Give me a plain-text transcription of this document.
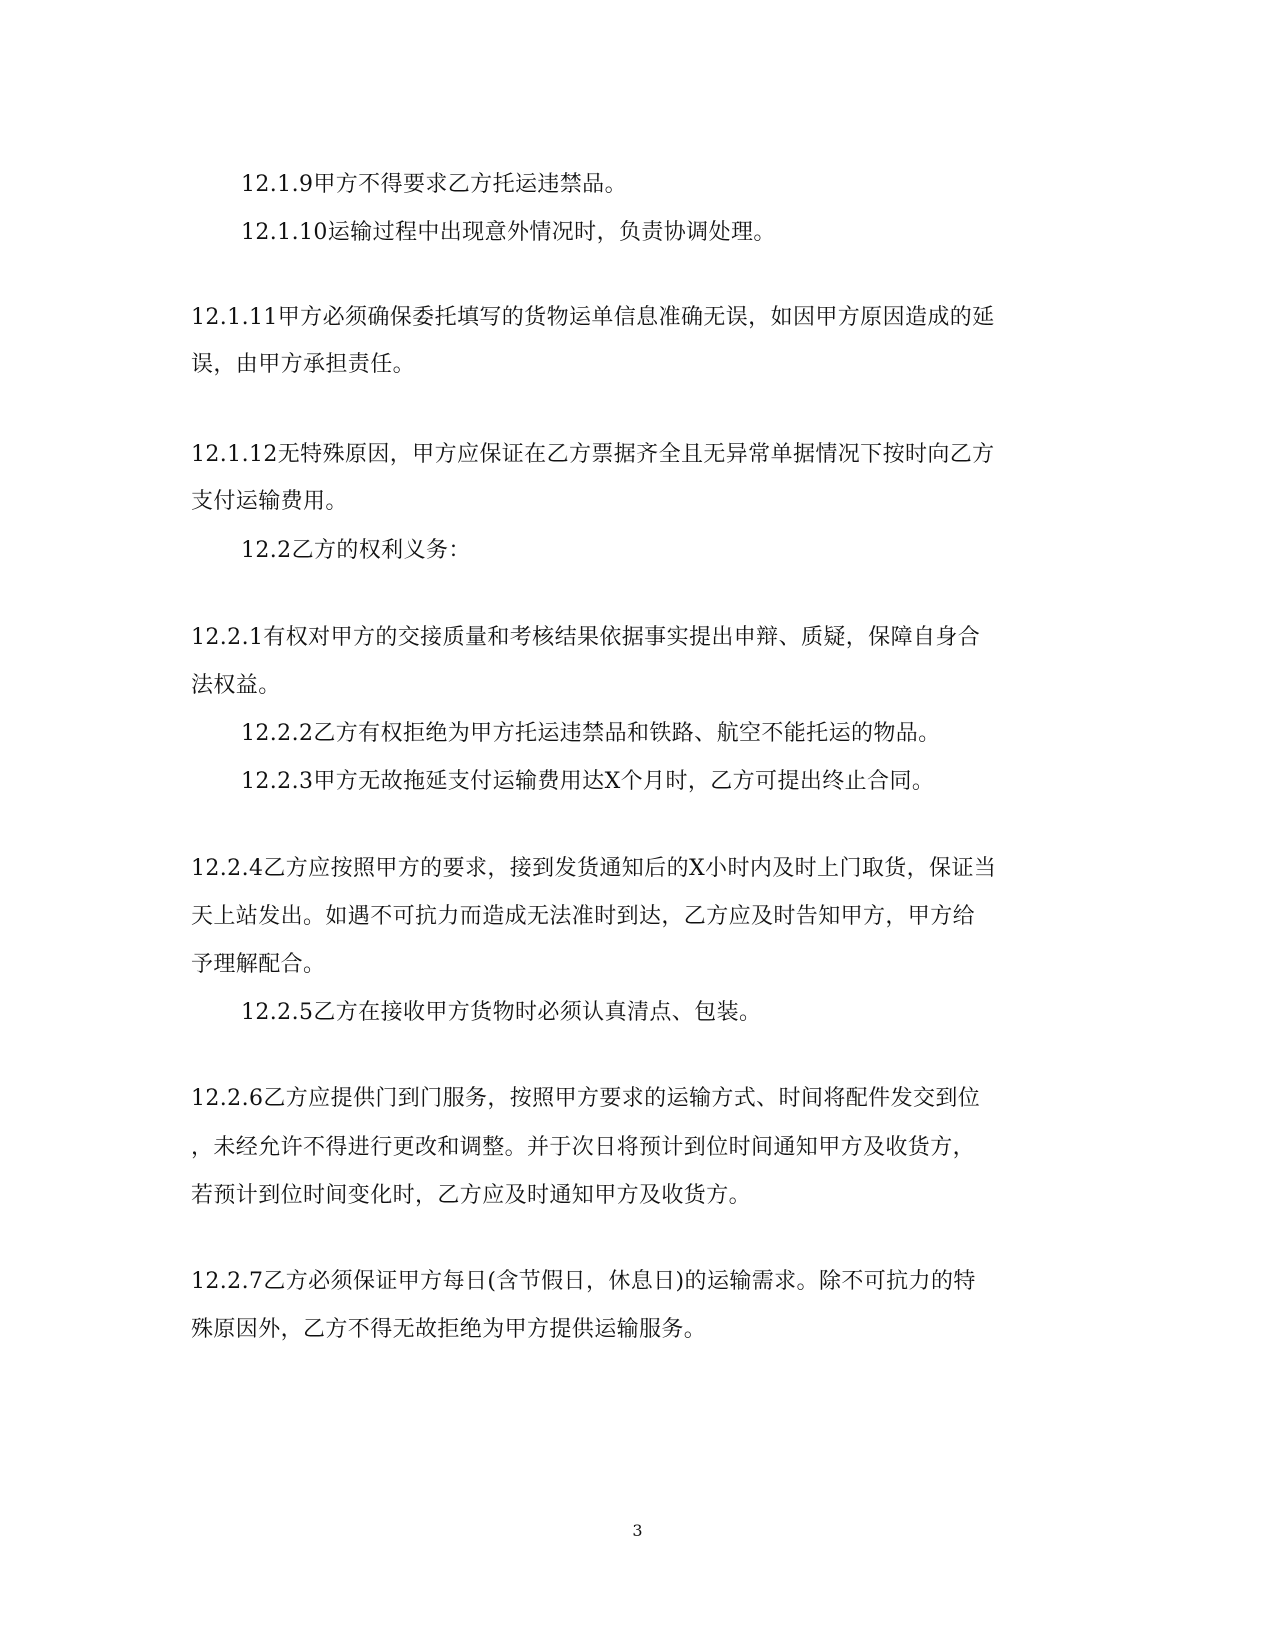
12.1.9甲方不得要求乙方托运违禁品。
12.1.10运输过程中出现意外情况时，负责协调处理。
12.1.11甲方必须确保委托填写的货物运单信息准确无误，如因甲方原因造成的延
误，由甲方承担责任。
12.1.12无特殊原因，甲方应保证在乙方票据齐全且无异常单据情况下按时向乙方
支付运输费用。
12.2乙方的权利义务：
12.2.1有权对甲方的交接质量和考核结果依据事实提出申辩、质疑，保障自身合
法权益。
12.2.2乙方有权拒绝为甲方托运违禁品和铁路、航空不能托运的物品。
12.2.3甲方无故拖延支付运输费用达X个月时，乙方可提出终止合同。
12.2.4乙方应按照甲方的要求，接到发货通知后的X小时内及时上门取货，保证当
天上站发出。如遇不可抗力而造成无法准时到达，乙方应及时告知甲方，甲方给
予理解配合。
12.2.5乙方在接收甲方货物时必须认真清点、包装。
12.2.6乙方应提供门到门服务，按照甲方要求的运输方式、时间将配件发交到位
，未经允许不得进行更改和调整。并于次日将预计到位时间通知甲方及收货方，
若预计到位时间变化时，乙方应及时通知甲方及收货方。
12.2.7乙方必须保证甲方每日(含节假日，休息日)的运输需求。除不可抗力的特
殊原因外，乙方不得无故拒绝为甲方提供运输服务。
3
